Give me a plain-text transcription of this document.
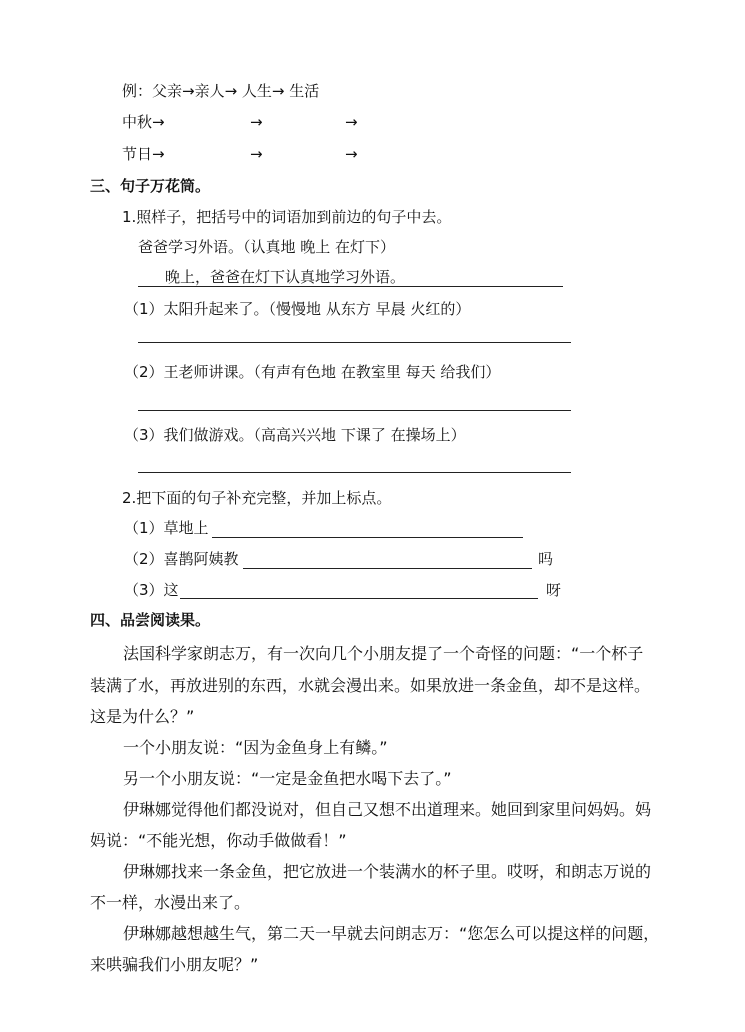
例：父亲→亲人→ 人生→ 生活
中秋→	→	→
节日→	→	→
三、句子万花筒。
1.照样子，把括号中的词语加到前边的句子中去。
爸爸学习外语。（认真地 晚上 在灯下）
晚上，爸爸在灯下认真地学习外语。
（1）太阳升起来了。（慢慢地 从东方 早晨 火红的）
（2）王老师讲课。（有声有色地 在教室里 每天 给我们）
（3）我们做游戏。（高高兴兴地 下课了 在操场上）
2.把下面的句子补充完整，并加上标点。
（1）草地上
（2）喜鹊阿姨教	吗
（3）这	呀
四、品尝阅读果。
法国科学家朗志万，有一次向几个小朋友提了一个奇怪的问题：“一个杯子
装满了水，再放进别的东西，水就会漫出来。如果放进一条金鱼，却不是这样。
这是为什么？”
一个小朋友说：“因为金鱼身上有鳞。”
另一个小朋友说：“一定是金鱼把水喝下去了。”
伊琳娜觉得他们都没说对，但自己又想不出道理来。她回到家里问妈妈。妈
妈说：“不能光想，你动手做做看！”
伊琳娜找来一条金鱼，把它放进一个装满水的杯子里。哎呀，和朗志万说的
不一样，水漫出来了。
伊琳娜越想越生气，第二天一早就去问朗志万：“您怎么可以提这样的问题，
来哄骗我们小朋友呢？”
